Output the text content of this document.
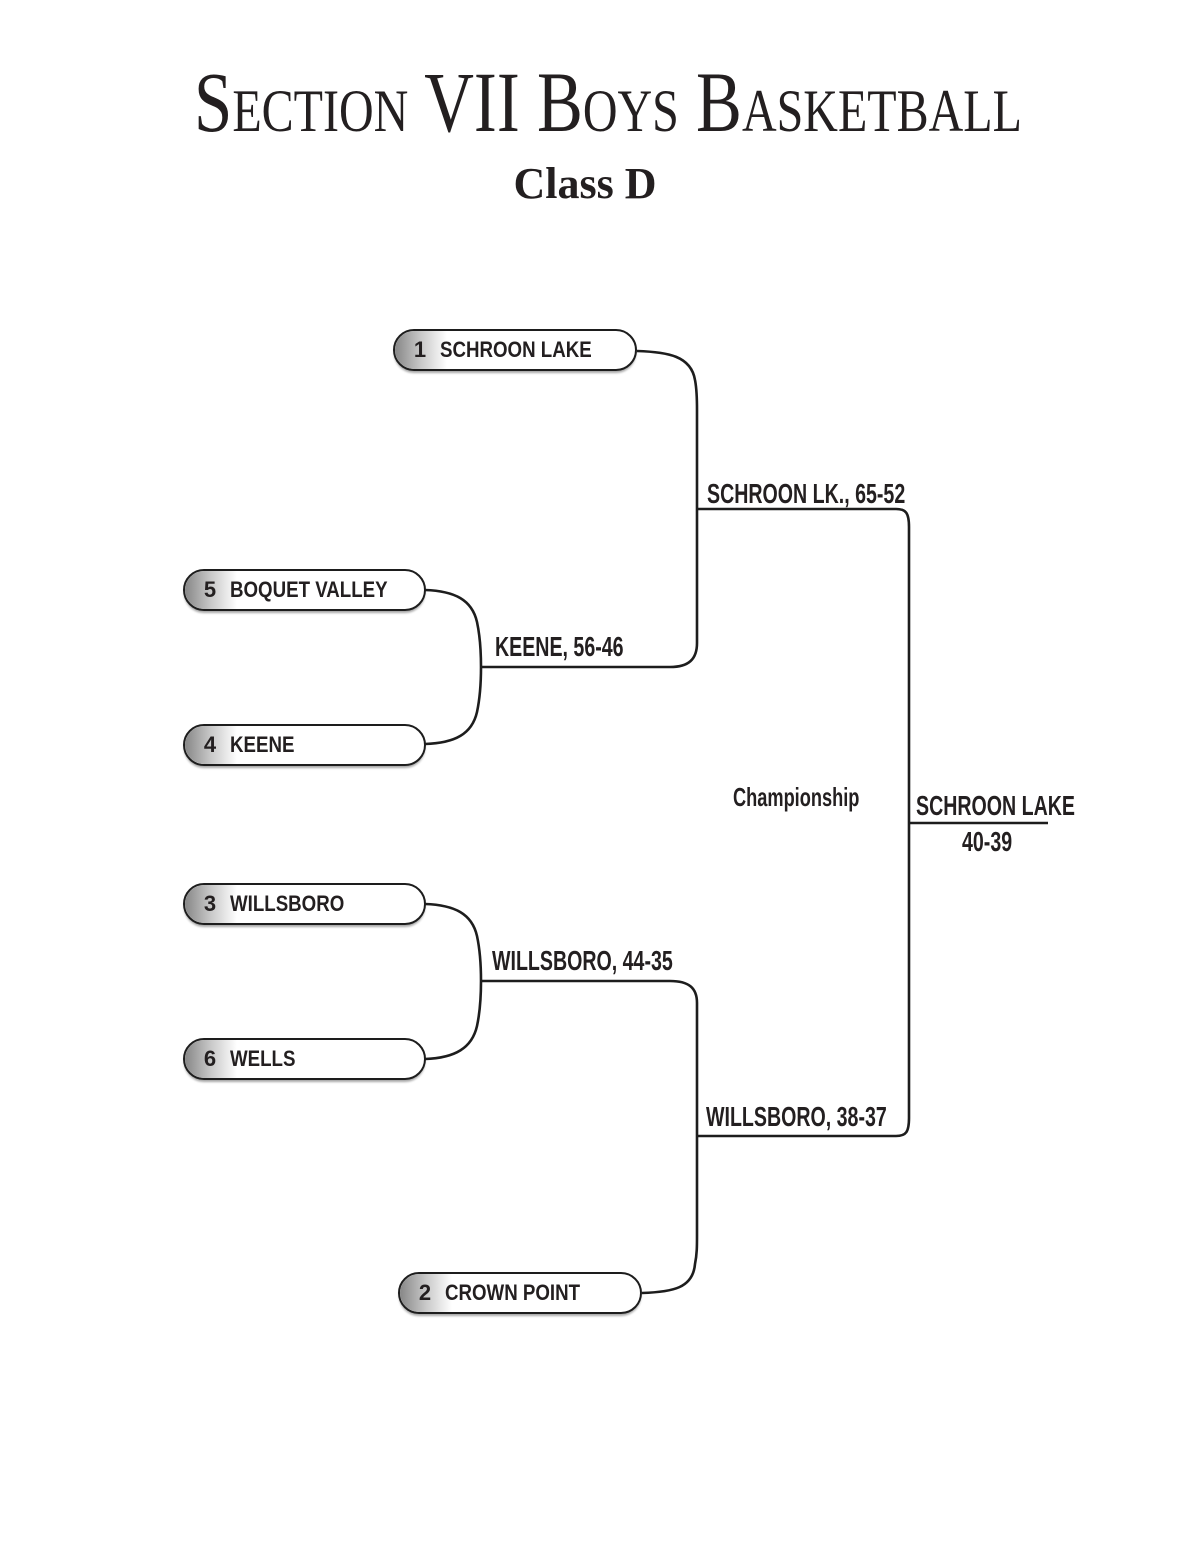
Section VII Boys Basketball
Class D
1 SCHROON LAKE
5 BOQUET VALLEY
4 KEENE
3 WILLSBORO
6 WELLS
2 CROWN POINT
KEENE, 56-46
WILLSBORO, 44-35
SCHROON LK., 65-52
WILLSBORO, 38-37
Championship SCHROON LAKE
40-39
